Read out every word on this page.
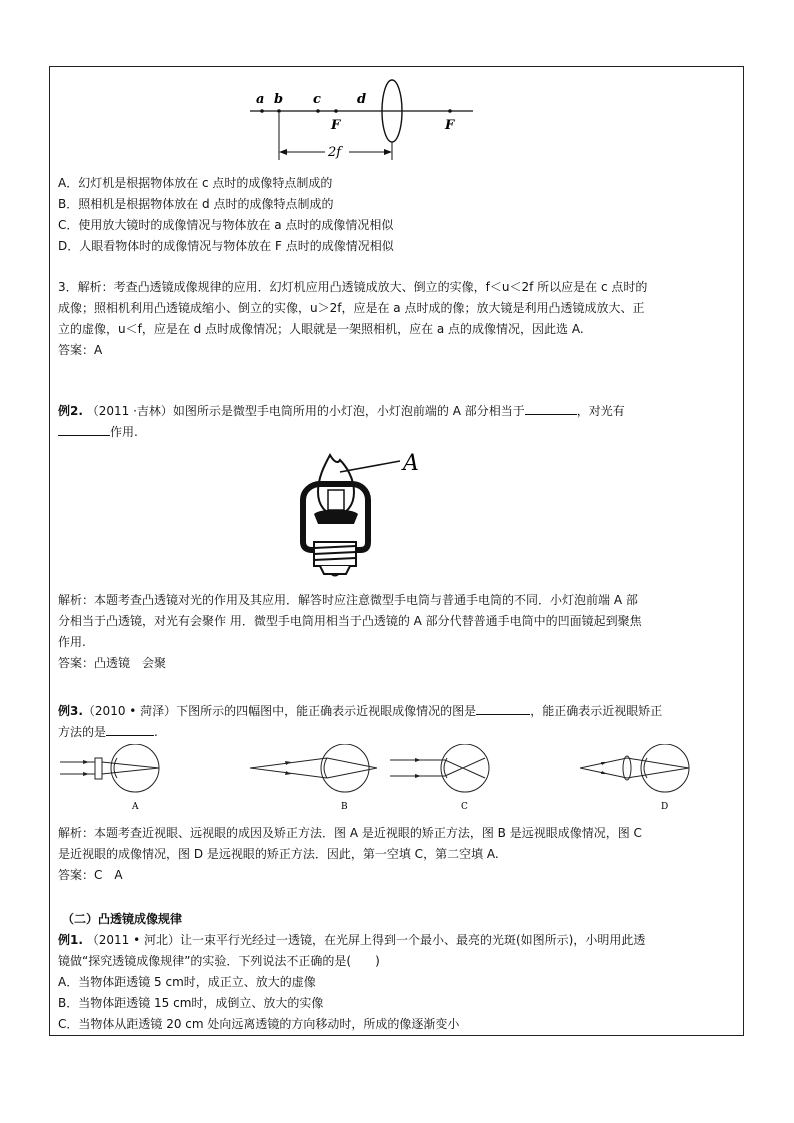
a b c	d
F	F
2f
A．幻灯机是根据物体放在 c 点时的成像特点制成的
B．照相机是根据物体放在 d 点时的成像特点制成的
C．使用放大镜时的成像情况与物体放在 a 点时的成像情况相似
D．人眼看物体时的成像情况与物体放在 F 点时的成像情况相似
3．解析：考查凸透镜成像规律的应用．幻灯机应用凸透镜成放大、倒立的实像，f＜u＜2f 所以应是在 c 点时的
成像；照相机利用凸透镜成缩小、倒立的实像，u＞2f，应是在 a 点时成的像；放大镜是利用凸透镜成放大、正
立的虚像，u＜f，应是在 d 点时成像情况；人眼就是一架照相机，应在 a 点的成像情况，因此选 A.
答案：A
例2. （2011 ·吉林）如图所示是微型手电筒所用的小灯泡，小灯泡前端的 A 部分相当于	，对光有
作用.
A
解析：本题考查凸透镜对光的作用及其应用．解答时应注意微型手电筒与普通手电筒的不同．小灯泡前端 A 部
分相当于凸透镜，对光有会聚作 用．微型手电筒用相当于凸透镜的 A 部分代替普通手电筒中的凹面镜起到聚焦
作用.
答案：凸透镜　会聚
例3.（2010 • 菏泽）下图所示的四幅图中，能正确表示近视眼成像情况的图是	，能正确表示近视眼矫正
方法的是	.
A	B	C	D
解析：本题考查近视眼、远视眼的成因及矫正方法．图 A 是近视眼的矫正方法，图 B 是远视眼成像情况，图 C
是近视眼的成像情况，图 D 是远视眼的矫正方法．因此，第一空填 C，第二空填 A.
答案：C　A
（二）凸透镜成像规律
例1. （2011 • 河北）让一束平行光经过一透镜，在光屏上得到一个最小、最亮的光斑(如图所示)，小明用此透
镜做“探究透镜成像规律”的实验．下列说法不正确的是(　　)
A．当物体距透镜 5 cm时，成正立、放大的虚像
B．当物体距透镜 15 cm时，成倒立、放大的实像
C．当物体从距透镜 20 cm 处向远离透镜的方向移动时，所成的像逐渐变小
